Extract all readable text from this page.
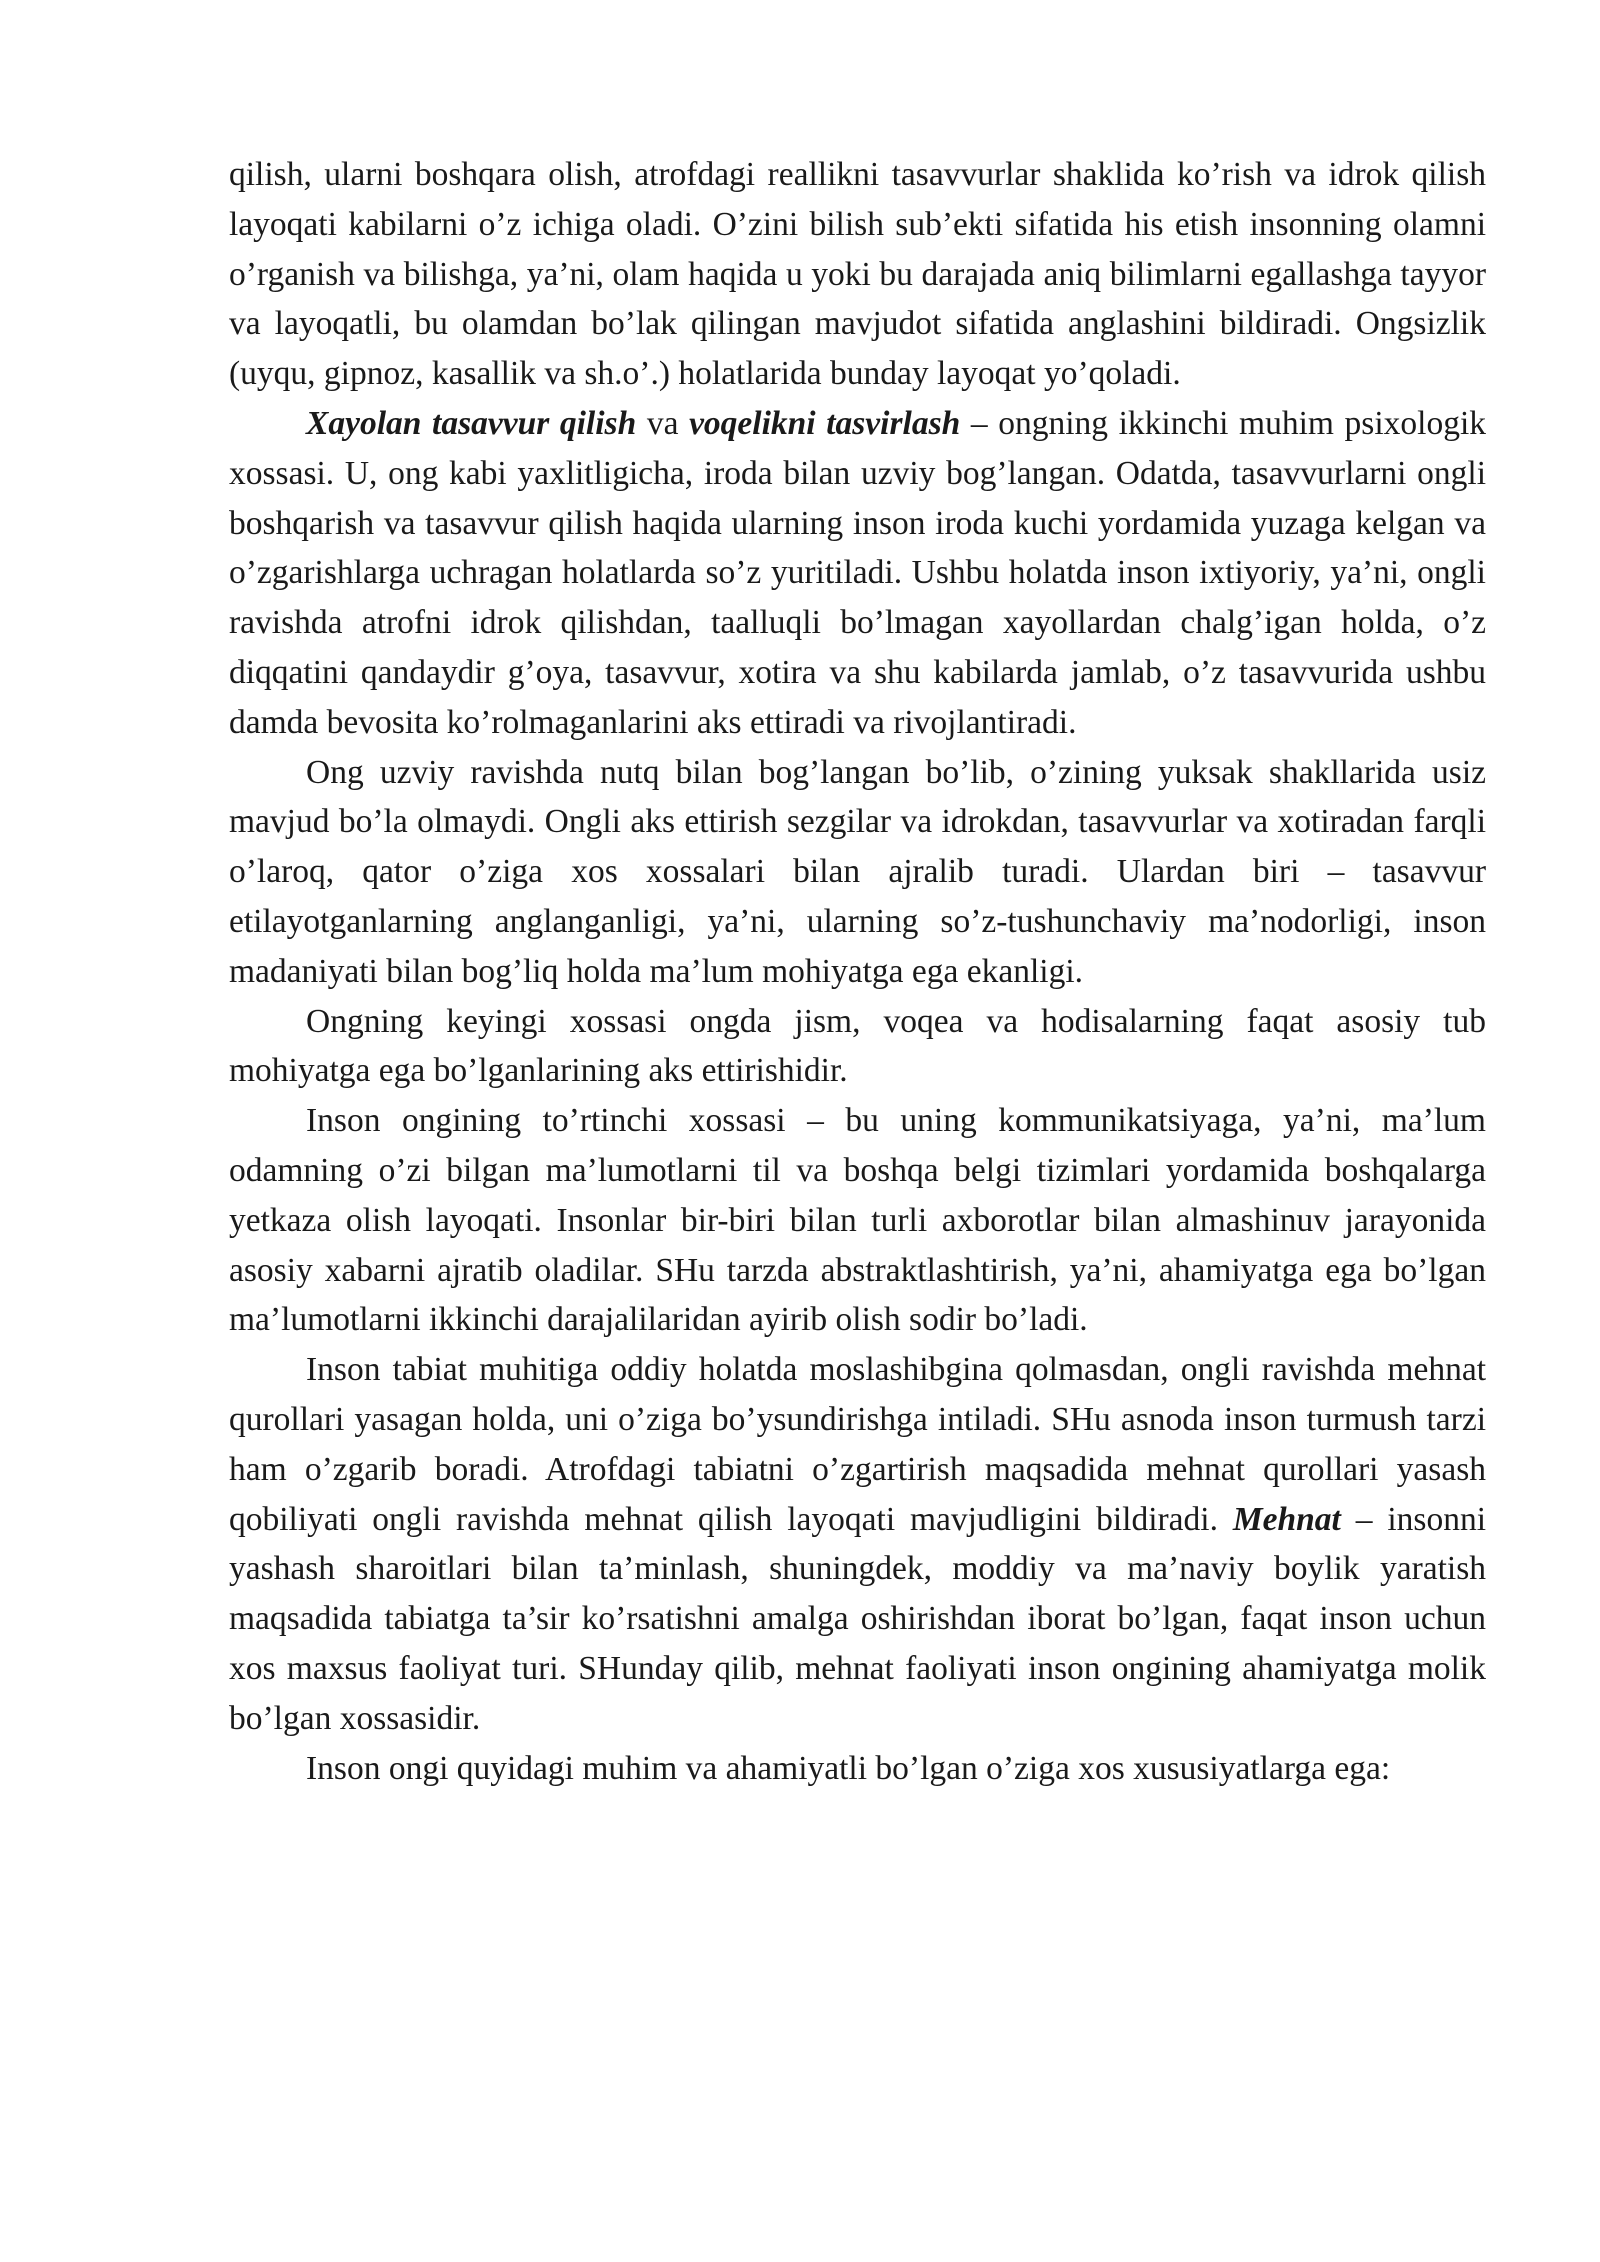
qilish, ularni boshqara olish, atrofdagi reallikni tasavvurlar shaklida ko’rish va idrok qilish layoqati kabilarni o’z ichiga oladi. O’zini bilish sub’ekti sifatida his etish insonning olamni o’rganish va bilishga, ya’ni, olam haqida u yoki bu darajada aniq bilimlarni egallashga tayyor va layoqatli, bu olamdan bo’lak qilingan mavjudot sifatida anglashini bildiradi. Ongsizlik (uyqu, gipnoz, kasallik va sh.o’.) holatlarida bunday layoqat yo’qoladi.

Xayolan tasavvur qilish va voqelikni tasvirlash – ongning ikkinchi muhim psixologik xossasi. U, ong kabi yaxlitligicha, iroda bilan uzviy bog’langan. Odatda, tasavvurlarni ongli boshqarish va tasavvur qilish haqida ularning inson iroda kuchi yordamida yuzaga kelgan va o’zgarishlarga uchragan holatlarda so’z yuritiladi. Ushbu holatda inson ixtiyoriy, ya’ni, ongli ravishda atrofni idrok qilishdan, taalluqli bo’lmagan xayollardan chalg’igan holda, o’z diqqatini qandaydir g’oya, tasavvur, xotira va shu kabilarda jamlab, o’z tasavvurida ushbu damda bevosita ko’rolmaganlarini aks ettiradi va rivojlantiradi.

Ong uzviy ravishda nutq bilan bog’langan bo’lib, o’zining yuksak shakllarida usiz mavjud bo’la olmaydi. Ongli aks ettirish sezgilar va idrokdan, tasavvurlar va xotiradan farqli o’laroq, qator o’ziga xos xossalari bilan ajralib turadi. Ulardan biri – tasavvur etilayotganlarning anglanganligi, ya’ni, ularning so’z-tushunchaviy ma’nodorligi, inson madaniyati bilan bog’liq holda ma’lum mohiyatga ega ekanligi.

Ongning keyingi xossasi ongda jism, voqea va hodisalarning faqat asosiy tub mohiyatga ega bo’lganlarining aks ettirishidir.

Inson ongining to’rtinchi xossasi – bu uning kommunikatsiyaga, ya’ni, ma’lum odamning o’zi bilgan ma’lumotlarni til va boshqa belgi tizimlari yordamida boshqalarga yetkaza olish layoqati. Insonlar bir-biri bilan turli axborotlar bilan almashinuv jarayonida asosiy xabarni ajratib oladilar. SHu tarzda abstraktlashtirish, ya’ni, ahamiyatga ega bo’lgan ma’lumotlarni ikkinchi darajalilaridan ayirib olish sodir bo’ladi.

Inson tabiat muhitiga oddiy holatda moslashibgina qolmasdan, ongli ravishda mehnat qurollari yasagan holda, uni o’ziga bo’ysundirishga intiladi. SHu asnoda inson turmush tarzi ham o’zgarib boradi. Atrofdagi tabiatni o’zgartirish maqsadida mehnat qurollari yasash qobiliyati ongli ravishda mehnat qilish layoqati mavjudligini bildiradi. Mehnat – insonni yashash sharoitlari bilan ta’minlash, shuningdek, moddiy va ma’naviy boylik yaratish maqsadida tabiatga ta’sir ko’rsatishni amalga oshirishdan iborat bo’lgan, faqat inson uchun xos maxsus faoliyat turi. SHunday qilib, mehnat faoliyati inson ongining ahamiyatga molik bo’lgan xossasidir.

Inson ongi quyidagi muhim va ahamiyatli bo’lgan o’ziga xos xususiyatlarga ega:
